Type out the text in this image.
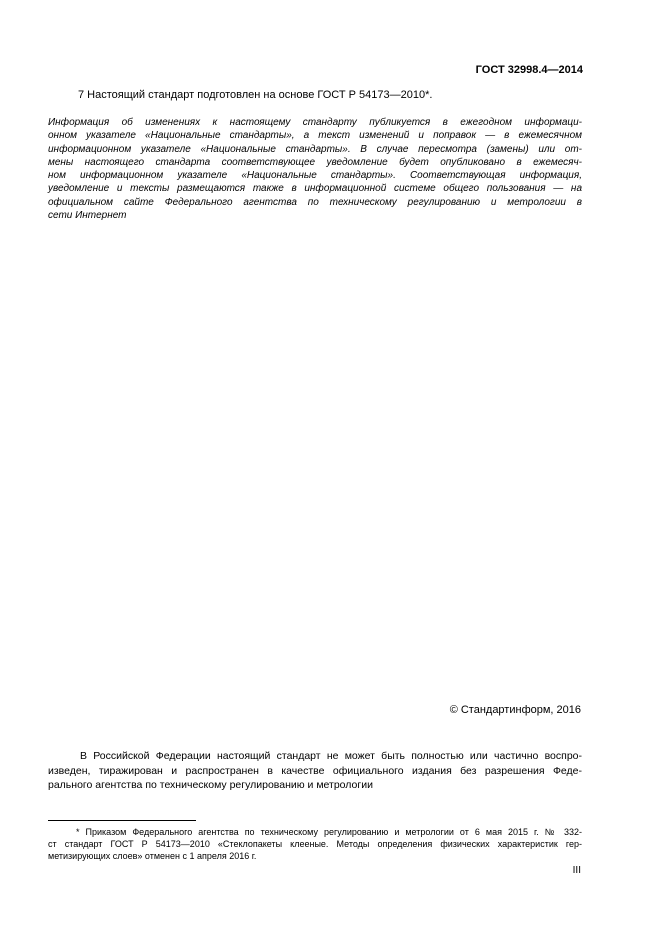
ГОСТ 32998.4—2014
7 Настоящий стандарт подготовлен на основе ГОСТ Р 54173—2010*.
Информация об изменениях к настоящему стандарту публикуется в ежегодном информаци-
онном указателе «Национальные стандарты», а текст изменений и поправок — в ежемесячном
информационном указателе «Национальные стандарты». В случае пересмотра (замены) или от-
мены настоящего стандарта соответствующее уведомление будет опубликовано в ежемесяч-
ном информационном указателе «Национальные стандарты». Соответствующая информация,
уведомление и тексты размещаются также в информационной системе общего пользования — на
официальном сайте Федерального агентства по техническому регулированию и метрологии в
сети Интернет
© Стандартинформ, 2016
В Российской Федерации настоящий стандарт не может быть полностью или частично воспро-
изведен, тиражирован и распространен в качестве официального издания без разрешения Феде-
рального агентства по техническому регулированию и метрологии
* Приказом Федерального агентства по техническому регулированию и метрологии от 6 мая 2015 г. № 332-
ст стандарт ГОСТ Р 54173—2010 «Стеклопакеты клееные. Методы определения физических характеристик гер-
метизирующих слоев» отменен с 1 апреля 2016 г.
III
